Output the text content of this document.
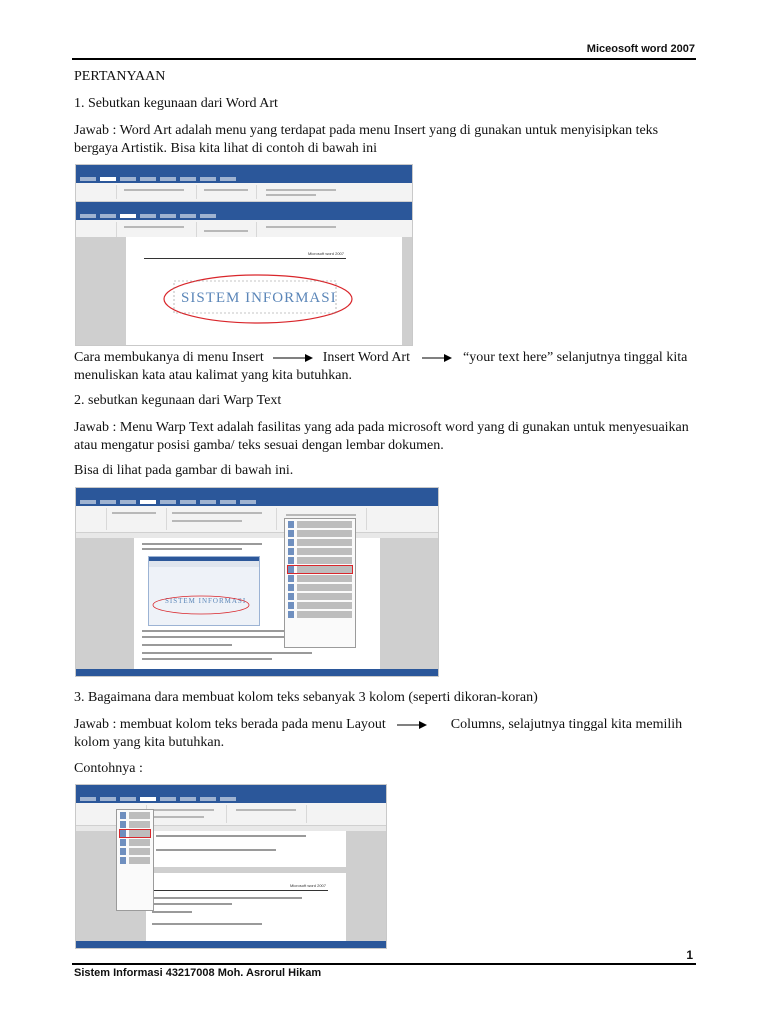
Miceosoft word 2007
PERTANYAAN
1. Sebutkan kegunaan dari Word Art
Jawab : Word Art adalah menu yang terdapat pada menu Insert yang di gunakan untuk menyisipkan teks bergaya Artistik. Bisa kita lihat di contoh di bawah ini
Microsoft word 2007
SISTEM INFORMASI
Cara membukanya di menu Insert	Insert Word Art	“your text here” selanjutnya tinggal kita
menuliskan kata atau kalimat yang kita butuhkan.
2. sebutkan kegunaan dari Warp Text
Jawab : Menu Warp Text adalah fasilitas yang ada pada microsoft word yang di gunakan untuk menyesuaikan atau mengatur posisi gamba/ teks sesuai dengan lembar dokumen.
Bisa di lihat pada gambar di bawah ini.
SISTEM INFORMASI
3. Bagaimana dara membuat kolom teks sebanyak 3 kolom (seperti dikoran-koran)
Jawab : membuat kolom teks berada pada menu Layout	Columns, selajutnya tinggal kita memilih
kolom yang kita butuhkan.
Contohnya :
Microsoft word 2007
1
Sistem Informasi 43217008 Moh. Asrorul Hikam
